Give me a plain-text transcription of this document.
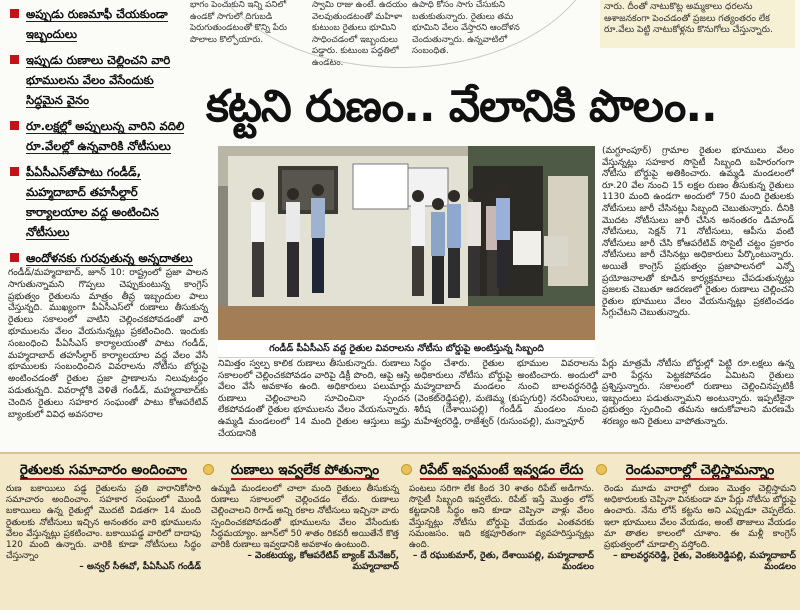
భాగం పెంచుకుని ఇన్ని పనిలో ఉండకో సాగులో దిగుబడి పెరుగుతుండటంతో కొన్ని పేరు పొలాలు కొల్పోయారు.
స్వామి రాజు ఉంటే. ఉదయం వెలవుతుండటంతో మహిళా కుటుంబ రైతులు భూమిని సాధించడంలో ఇబ్బందులు పడ్డారు. కుటుంబ పద్దతిలో ఉండటం.
ఉపాధి కోసం సాగు చేసుకుని బతుకుతున్నారు. రైతులు తమ భూమిని వేలం వేస్తారని ఆందోళన చెందుతున్నారు. ఉన్నవాటిలో సంబంధిత.
నారు. దీంతో నాటుకొట్ల అమ్మకాలు ధరలను ఆశాజనకంగా పెంచడంతో ప్రజలు గత్యంతరం లేక రూ.వేలు పెట్టి నాటుకోళ్లను కొనుగోలు చేస్తున్నారు.
అప్పుడు రుణమాఫీ చేయకుండా ఇబ్బందులు
ఇప్పుడు రుణాలు చెల్లించని వారి భూములను వేలం వేసేందుకు సిద్ధమైన వైనం
రూ.లక్షల్లో అప్పులున్న వారిని వదిలి రూ.వేలల్లో ఉన్నవారికి నోటీసులు
పీఏసీఎస్‌తోపాటు గండీడ్, మహ్మదాబాద్ తహసీల్దార్ కార్యాలయాల వద్ద అంటించిన నోటీసులు
ఆందోళనకు గురవుతున్న అన్నదాతలు
కట్టని రుణం.. వేలానికి పొలం..
గండీడ్/మహ్మదాబాద్, జూన్ 10: రాష్ట్రంలో ప్రజా పాలన సాగుతున్నామని గొప్పలు చెప్పుకుంటున్న కాంగ్రెస్ ప్రభుత్వం రైతులను మాత్రం తీవ్ర ఇబ్బందుల పాలు చేస్తున్నది. ముఖ్యంగా పీఏసీఎస్‌లో రుణాలు తీసుకున్న రైతులు సకాలంలో వాటిని చెల్లించకపోవడంతో వారి భూములను వేలం వేయనున్నట్లు ప్రకటించింది. ఇందుకు సంబంధించి పీఏసీఎస్ కార్యాలయంతో పాటు గండీడ్, మహ్మదాబాద్ తహసీల్దార్ కార్యాలయాల వద్ద వేలం వేసే భూములకు సంబంధించిన వివరాలను నోటీసు బోర్డుపై అంటించడంతో రైతుల ప్రజా ప్రాణాలను నిలువుటద్దం పడుతున్నది. వివరాల్లోకి వెళితే గండీడ్, మహ్మదాబాద్‌కు చెందిన రైతులు సహకార సంఘంతో పాటు కోఆపరేటివ్ బ్యాంకులో వివిధ అవసరాల
గండీడ్ పీఏసీఎస్ వద్ద రైతుల వివరాలను నోటీసు బోర్డుపై అంటిస్తున్న సిబ్బంది
(మగ్దూంపూర్) గ్రామాల రైతుల భూములు వేలం వేస్తున్నట్లు సహకార సొసైటీ సిబ్బంది బహిరంగంగా నోటీసు బోర్డుపై అతికించారు. ఉమ్మడి మండలంలో రూ.20 వేల నుంచి 15 లక్షల రుణం తీసుకున్న రైతులు 1130 మంది ఉండగా అందులో 750 మంది రైతులకు నోటీసులు జారీ చేసినట్లు సిబ్బంది చెబుతున్నారు. దీనికి మొదట నోటీసులు జారీ చేసిన అనంతరం డిమాండ్ నోటీసులు, సెక్షన్ 71 నోటీసులు, ఆపీసు వంటి నోటీసులు జారీ చేసి కోఆపరేటివ్ సొసైటీ చట్టం ప్రకారం నోటీసులు జారీ చేసినట్లు అధికారులు పేర్కొంటున్నారు. అయితే కాంగ్రెస్ ప్రభుత్వం ప్రజాపాలనలో ఎన్నో ప్రయోజనాలతో కూడిన కార్యక్రమాలు చేపడుతున్నట్లు ప్రజలకు చెబుతూ ఆదరణలో రైతుల రుణాలు చెల్లించని రైతుల భూములు వేలం వేయనున్నట్లు ప్రకటించడం సిగ్గుచేటని చెబుతున్నారు.
నిమిత్తం స్వల్ప కాలిక రుణాలు తీసుకున్నారు. రుణాలు సకాలంలో చెల్లించకపోవడం వారిపై డిక్రీ పొంది, ఆపై ఆస్తి వేలం వేసే అవకాశం ఉంది. అధికారులు పలుమార్లు రుణాలు చెల్లించాలని సూచించినా స్పందన లేకపోవడంతో రైతుల భూములను వేలం వేయనున్నారు. ఉమ్మడి మండలంలో 14 మంది రైతుల ఆస్తులు జప్తు చేయడానికి
సిద్ధం చేశారు. రైతుల భూముల వివరాలను అధికారులు నోటీసు బోర్డుపై అంటించారు. అందులో మహ్మదాబాద్ మండలం నుంచి బాలవర్ధనరెడ్డి (వెంకట్‌రెడ్డిపల్లి), మణెమ్మ (కుప్పగుర్తి) నరసింహులు, శిరీష (దేశాయిపల్లి) గండీడ్ మండలం నుంచి మహేశ్వరరెడ్డి, రాజేశ్వర్ (రుసుంపల్లి), మన్నాపూర్
పేర్లు మాత్రమే నోటీసు బోర్డుల్లో పెట్టి రూ.లక్షలు ఉన్న వారి పేర్లను పెట్టకపోవడం ఏమిటని రైతులు ప్రశ్నిస్తున్నారు. సకాలంలో రుణాలు చెల్లించినప్పటికీ ఇబ్బందులు పడుతున్నామని అంటున్నారు. ఇప్పటికైనా ప్రభుత్వం స్పందించి తమను ఆదుకోవాలని మరణమే శరణ్యం అని రైతులు వాపోతున్నారు.
రైతులకు సమాచారం అందించాం
రుణ బకాయిలు పడ్డ రైతులను ప్రతి వారానికోసారి సమాచారం అందించాం. సహకార సంఘంలో మొండి బకాయిలు ఉన్న రైతుల్లో మొదటి విడతగా 14 మంది రైతులకు నోటీసులు ఇచ్చిన అనంతరం వారి భూములను వేలం వేస్తున్నట్లు ప్రకటించాం. బకాయిపడ్డ వారిలో దాదాపు 120 మంది ఉన్నారు. వారికి కూడా నోటీసులు సిద్ధం చేస్తున్నాం
– అన్వర్ సీఈవో, పీఏసీఎస్ గండీడ్
రుణాలు ఇవ్వలేక పోతున్నాం
ఉమ్మడి మండలంలో చాలా మంది రైతులు తీసుకున్న రుణాలు సకాలంలో చెల్లించడం లేదు. రుణాలు చెల్లించాలని రిగాడ్ అన్ని రకాల నోటీసులు ఇచ్చినా వారు స్పందించకపోవడంతో భూములను వేలం వేసేందుకు సిద్ధమయ్యాం. జూన్‌లో 50 శాతం రికవరీ అయితేనే కొత్త వారికి రుణాలు ఇవ్వడానికి అవకాశం ఉంటుంది.
– వెంకటయ్య, కోఆపరేటివ్ బ్యాంక్ మేనేజర్, మహ్మదాబాద్
రిపేట్ ఇవ్వమంటే ఇవ్వడం లేదు
పంటలు సరిగా లేక కింద 30 శాతం రిపేట్ అడిగాను. సొసైటీ సిబ్బంది ఇవ్వలేదు. రిపేట్ ఇస్తే మొత్తం లోన్ కట్టడానికి సిద్ధం అని కూడా చెప్పినా వాళ్లు వేలం వేస్తున్నట్లు నోటీసు బోర్డుపై వేయడం ఎంతవరకు సమంజసం. ఇది కక్షపూరితంగా వ్యవహరిస్తున్నట్లు ఉంది.
– దే రఘుకుమార్, రైతు, దేశాయిపల్లి, మహ్మదాబాద్ మండలం
రెండువారాల్లో చెల్లిస్తామన్నాం
రెండు మూడు వారాల్లో రుణం మొత్తం చెల్లిస్తామని అధికారులకు చెప్పినా వినకుండా మా పేర్లు నోటీసు బోర్డుపై ఉంచారు. నేను లోన్ కట్టను అని ఎప్పుడూ చెప్పలేదు. ఇలా భూములు వేలం వేయడం, అంటే తాజాలు వేయడం మా తాతల కాలంలో చూశాం. ఈ మళ్లీ కాంగ్రెస్ ప్రభుత్వంలో చూడాల్సి వస్తోంది.
– బాలవర్ధనరెడ్డి, రైతు, వెంకటరెడ్డిపల్లి, మహ్మదాబాద్ మండలం
